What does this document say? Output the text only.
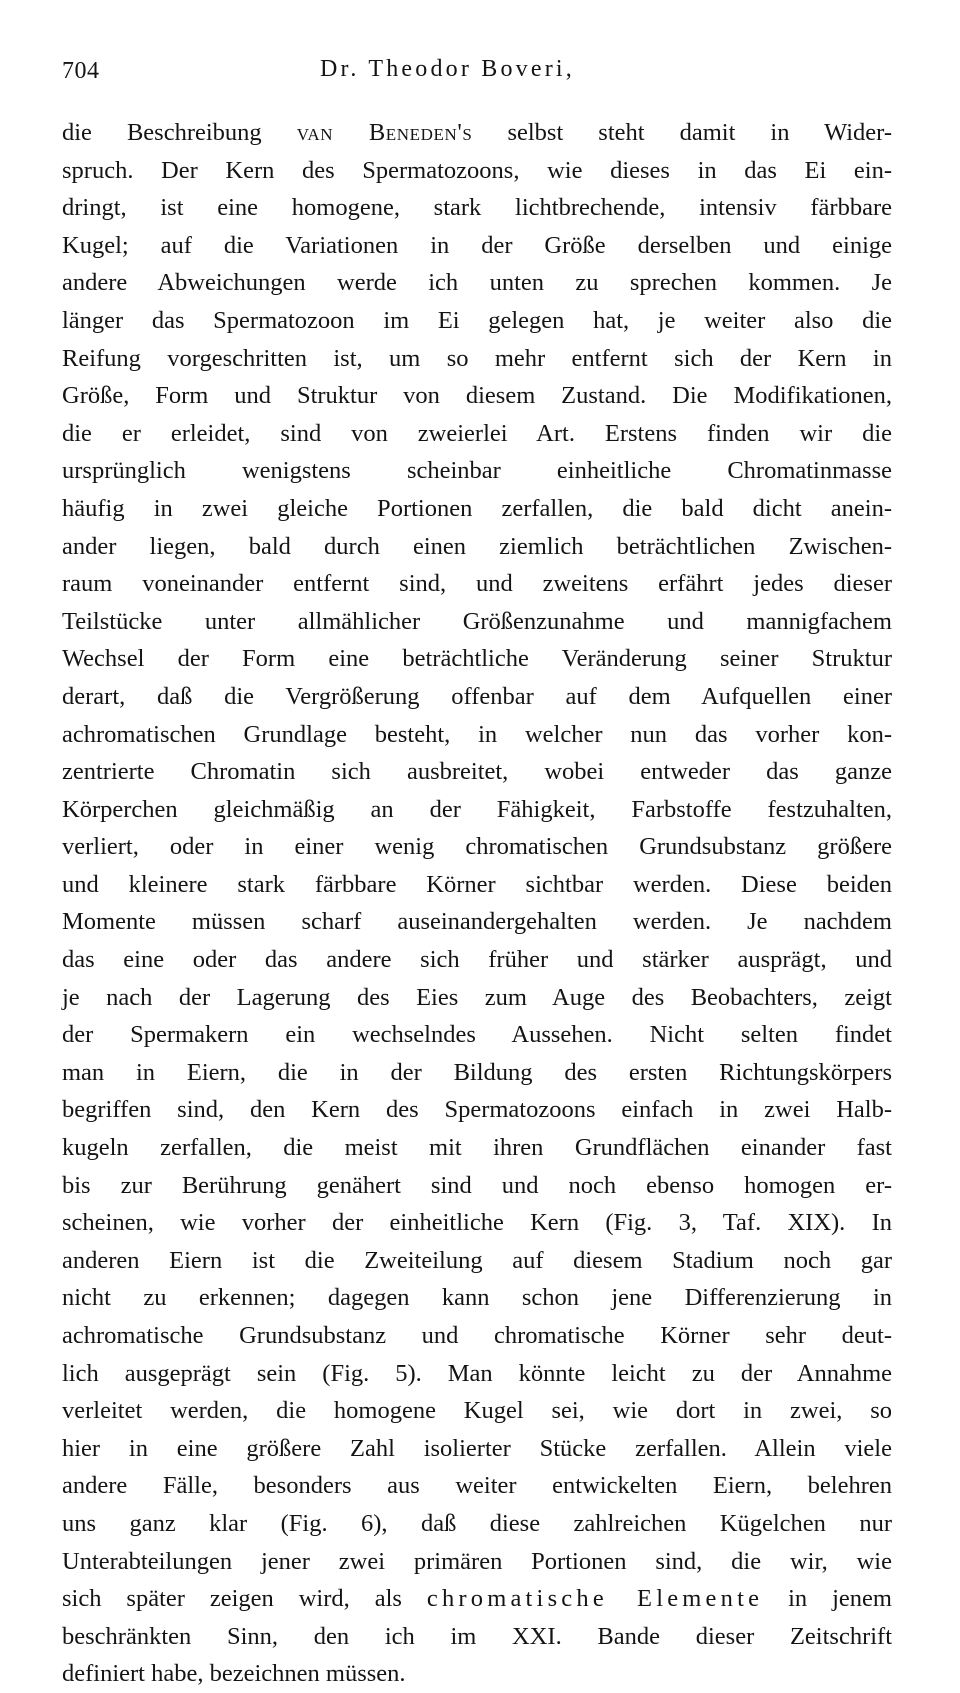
704	Dr. Theodor Boveri,
die Beschreibung van Beneden's selbst steht damit in Wider-
spruch. Der Kern des Spermatozoons, wie dieses in das Ei ein-
dringt, ist eine homogene, stark lichtbrechende, intensiv färbbare
Kugel; auf die Variationen in der Größe derselben und einige
andere Abweichungen werde ich unten zu sprechen kommen. Je
länger das Spermatozoon im Ei gelegen hat, je weiter also die
Reifung vorgeschritten ist, um so mehr entfernt sich der Kern in
Größe, Form und Struktur von diesem Zustand. Die Modifikationen,
die er erleidet, sind von zweierlei Art. Erstens finden wir die
ursprünglich wenigstens scheinbar einheitliche Chromatinmasse
häufig in zwei gleiche Portionen zerfallen, die bald dicht anein-
ander liegen, bald durch einen ziemlich beträchtlichen Zwischen-
raum voneinander entfernt sind, und zweitens erfährt jedes dieser
Teilstücke unter allmählicher Größenzunahme und mannigfachem
Wechsel der Form eine beträchtliche Veränderung seiner Struktur
derart, daß die Vergrößerung offenbar auf dem Aufquellen einer
achromatischen Grundlage besteht, in welcher nun das vorher kon-
zentrierte Chromatin sich ausbreitet, wobei entweder das ganze
Körperchen gleichmäßig an der Fähigkeit, Farbstoffe festzuhalten,
verliert, oder in einer wenig chromatischen Grundsubstanz größere
und kleinere stark färbbare Körner sichtbar werden. Diese beiden
Momente müssen scharf auseinandergehalten werden. Je nachdem
das eine oder das andere sich früher und stärker ausprägt, und
je nach der Lagerung des Eies zum Auge des Beobachters, zeigt
der Spermakern ein wechselndes Aussehen. Nicht selten findet
man in Eiern, die in der Bildung des ersten Richtungskörpers
begriffen sind, den Kern des Spermatozoons einfach in zwei Halb-
kugeln zerfallen, die meist mit ihren Grundflächen einander fast
bis zur Berührung genähert sind und noch ebenso homogen er-
scheinen, wie vorher der einheitliche Kern (Fig. 3, Taf. XIX). In
anderen Eiern ist die Zweiteilung auf diesem Stadium noch gar
nicht zu erkennen; dagegen kann schon jene Differenzierung in
achromatische Grundsubstanz und chromatische Körner sehr deut-
lich ausgeprägt sein (Fig. 5). Man könnte leicht zu der Annahme
verleitet werden, die homogene Kugel sei, wie dort in zwei, so
hier in eine größere Zahl isolierter Stücke zerfallen. Allein viele
andere Fälle, besonders aus weiter entwickelten Eiern, belehren
uns ganz klar (Fig. 6), daß diese zahlreichen Kügelchen nur
Unterabteilungen jener zwei primären Portionen sind, die wir, wie
sich später zeigen wird, als chromatische Elemente in jenem
beschränkten Sinn, den ich im XXI. Bande dieser Zeitschrift
definiert habe, bezeichnen müssen.
